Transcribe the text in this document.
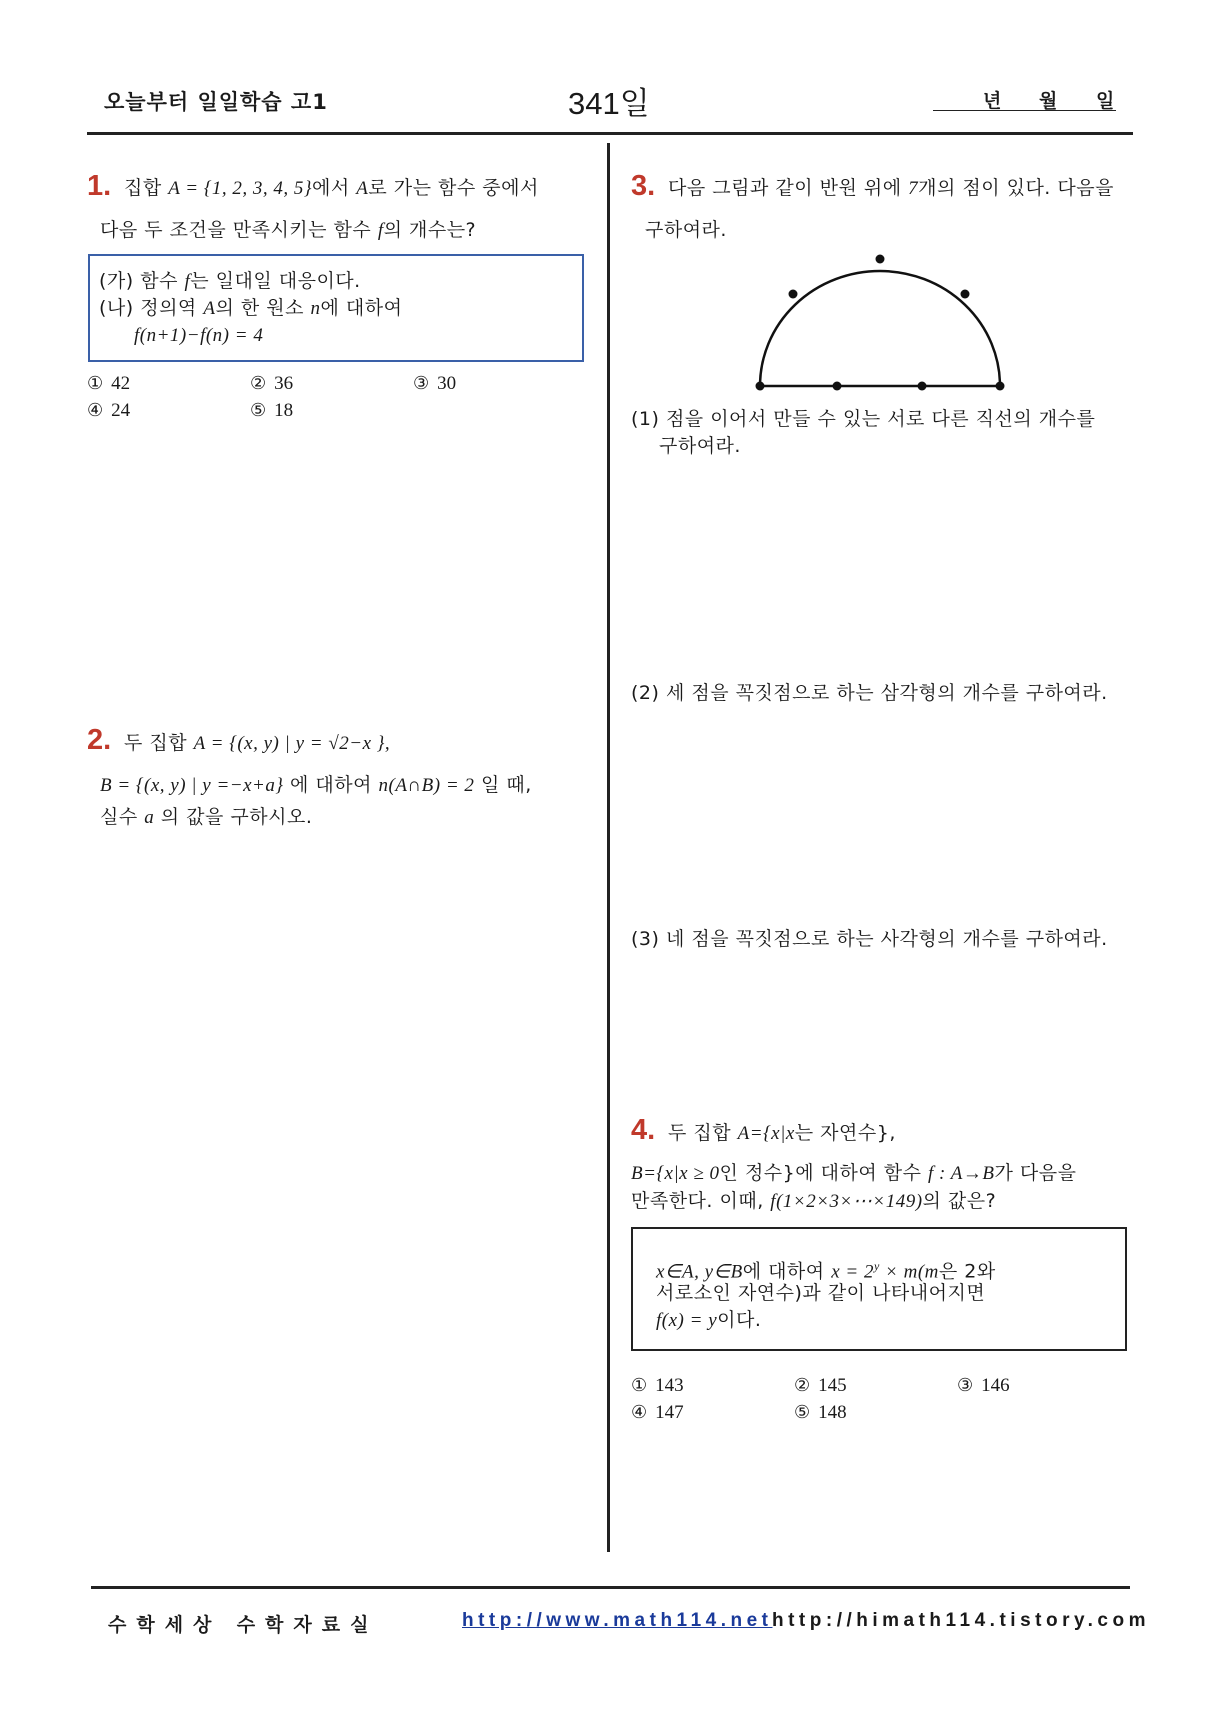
오늘부터 일일학습 고1	341일	년 월 일
1. 집합 A = {1, 2, 3, 4, 5}에서 A로 가는 함수 중에서
다음 두 조건을 만족시키는 함수 f의 개수는?
(가) 함수 f는 일대일 대응이다.
(나) 정의역 A의 한 원소 n에 대하여
f(n+1)−f(n) = 4
① 42	② 36	③ 30
④ 24	⑤ 18
2. 두 집합 A = {(x, y) | y = √2−x },
B = {(x, y) | y =−x+a} 에 대하여 n(A∩B) = 2 일 때,
실수 a 의 값을 구하시오.
3. 다음 그림과 같이 반원 위에 7개의 점이 있다. 다음을
구하여라.
(1) 점을 이어서 만들 수 있는 서로 다른 직선의 개수를
구하여라.
(2) 세 점을 꼭짓점으로 하는 삼각형의 개수를 구하여라.
(3) 네 점을 꼭짓점으로 하는 사각형의 개수를 구하여라.
4. 두 집합 A={x|x는 자연수},
B={x|x ≥ 0인 정수}에 대하여 함수 f : A→B가 다음을
만족한다. 이때, f(1×2×3×⋯×149)의 값은?
x∈A, y∈B에 대하여 $x = 2^y \times m(m$은 2와
서로소인 자연수)과 같이 나타내어지면
f(x) = y이다.
① 143	② 145	③ 146
④ 147	⑤ 148
수학세상 수학자료실	http://www.math114.net http://himath114.tistory.com
